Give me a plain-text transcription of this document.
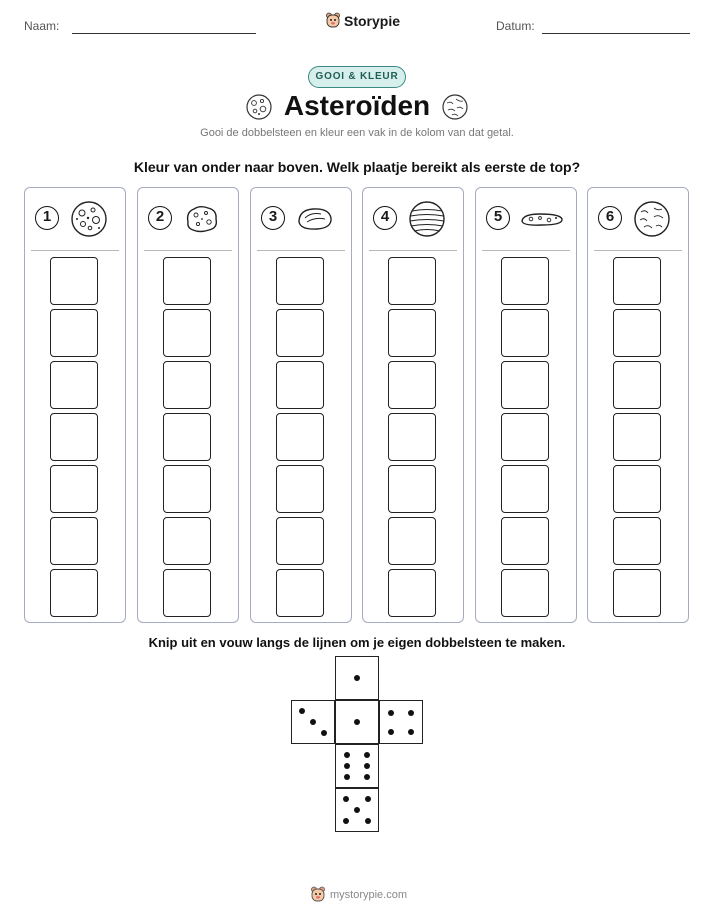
Naam:	Storypie	Datum:
GOOI & KLEUR
Asteroïden
Gooi de dobbelsteen en kleur een vak in de kolom van dat getal.
Kleur van onder naar boven. Welk plaatje bereikt als eerste de top?
1	2	3	4	5	6
Knip uit en vouw langs de lijnen om je eigen dobbelsteen te maken.
mystorypie.com
